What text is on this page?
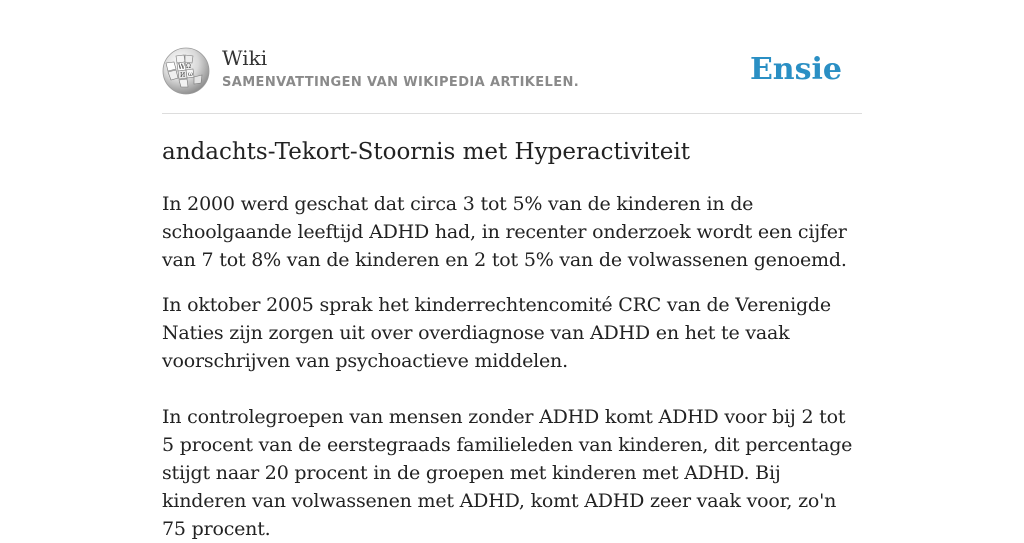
W Ω
И ω
Wiki
SAMENVATTINGEN VAN WIKIPEDIA ARTIKELEN.	Ensie
andachts-Tekort-Stoornis met Hyperactiviteit

In 2000 werd geschat dat circa 3 tot 5% van de kinderen in de schoolgaande leeftijd ADHD had, in recenter onderzoek wordt een cijfer van 7 tot 8% van de kinderen en 2 tot 5% van de volwassenen genoemd.

In oktober 2005 sprak het kinderrechtencomité CRC van de Verenigde Naties zijn zorgen uit over overdiagnose van ADHD en het te vaak voorschrijven van psychoactieve middelen.

In controlegroepen van mensen zonder ADHD komt ADHD voor bij 2 tot 5 procent van de eerstegraads familieleden van kinderen, dit percentage stijgt naar 20 procent in de groepen met kinderen met ADHD. Bij kinderen van volwassenen met ADHD, komt ADHD zeer vaak voor, zo'n 75 procent.
